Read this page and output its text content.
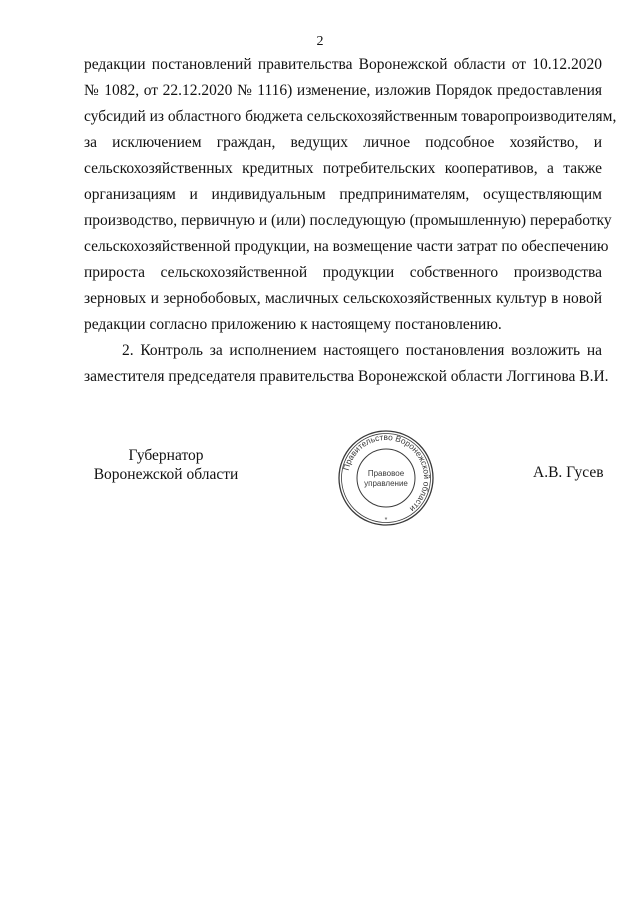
2
редакции постановлений правительства Воронежской области от 10.12.2020
№ 1082, от 22.12.2020 № 1116) изменение, изложив Порядок предоставления
субсидий из областного бюджета сельскохозяйственным товаропроизводителям,
за исключением граждан, ведущих личное подсобное хозяйство, и
сельскохозяйственных кредитных потребительских кооперативов, а также
организациям и индивидуальным предпринимателям, осуществляющим
производство, первичную и (или) последующую (промышленную) переработку
сельскохозяйственной продукции, на возмещение части затрат по обеспечению
прироста сельскохозяйственной продукции собственного производства
зерновых и зернобобовых, масличных сельскохозяйственных культур в новой
редакции согласно приложению к настоящему постановлению.
2. Контроль за исполнением настоящего постановления возложить на
заместителя председателя правительства Воронежской области Логгинова В.И.
Губернатор
Воронежской области	Правительство Воронежской области
Правовое
управление
*
А.В. Гусев
